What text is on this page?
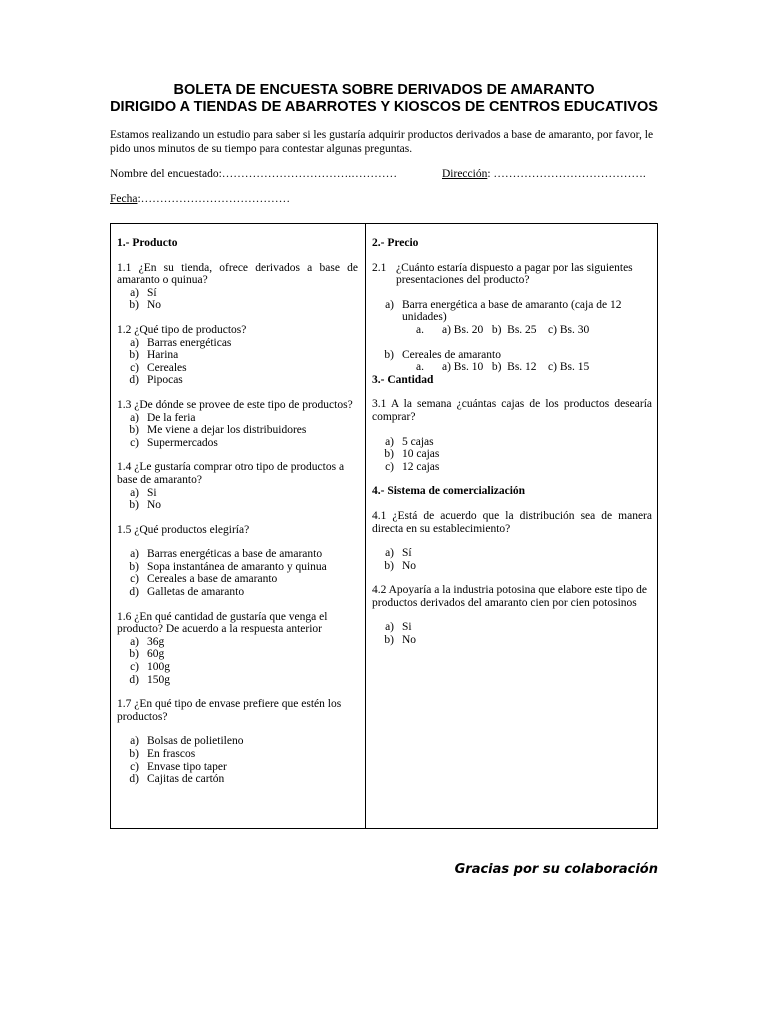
BOLETA DE ENCUESTA SOBRE DERIVADOS DE AMARANTO
DIRIGIDO A TIENDAS DE ABARROTES Y KIOSCOS DE CENTROS EDUCATIVOS
Estamos realizando un estudio para saber si les gustaría adquirir productos derivados a base de amaranto, por favor, le pido unos minutos de su tiempo para contestar algunas preguntas.
Nombre del encuestado:…………………………….…………	Dirección: ………………………………….
Fecha:…………………………………
1.- Producto
1.1 ¿En su tienda, ofrece derivados a base de amaranto o quinua?
a) Sí
b) No
1.2 ¿Qué tipo de productos?
a) Barras energéticas
b) Harina
c) Cereales
d) Pipocas
1.3 ¿De dónde se provee de este tipo de productos?
a) De la feria
b) Me viene a dejar los distribuidores
c) Supermercados
1.4 ¿Le gustaría comprar otro tipo de productos a base de amaranto?
a) Si
b) No
1.5 ¿Qué productos elegiría?
a) Barras energéticas a base de amaranto
b) Sopa instantánea de amaranto y quinua
c) Cereales a base de amaranto
d) Galletas de amaranto
1.6 ¿En qué cantidad de gustaría que venga el producto? De acuerdo a la respuesta anterior
a) 36g
b) 60g
c) 100g
d) 150g
1.7 ¿En qué tipo de envase prefiere que estén los productos?
a) Bolsas de polietileno
b) En frascos
c) Envase tipo taper
d) Cajitas de cartón
2.- Precio
2.1 ¿Cuánto estaría dispuesto a pagar por las siguientes presentaciones del producto?
a) Barra energética a base de amaranto (caja de 12 unidades)
a. a) Bs. 20   b)  Bs. 25    c) Bs. 30
b) Cereales de amaranto
a. a) Bs. 10   b)  Bs. 12    c) Bs. 15
3.- Cantidad
3.1 A la semana ¿cuántas cajas de los productos desearía comprar?
a) 5 cajas
b) 10 cajas
c) 12 cajas
4.- Sistema de comercialización
4.1 ¿Está de acuerdo que la distribución sea de manera directa en su establecimiento?
a) Sí
b) No
4.2 Apoyaría a la industria potosina que elabore este tipo de productos derivados del amaranto cien por cien potosinos
a) Si
b) No
Gracias por su colaboración
